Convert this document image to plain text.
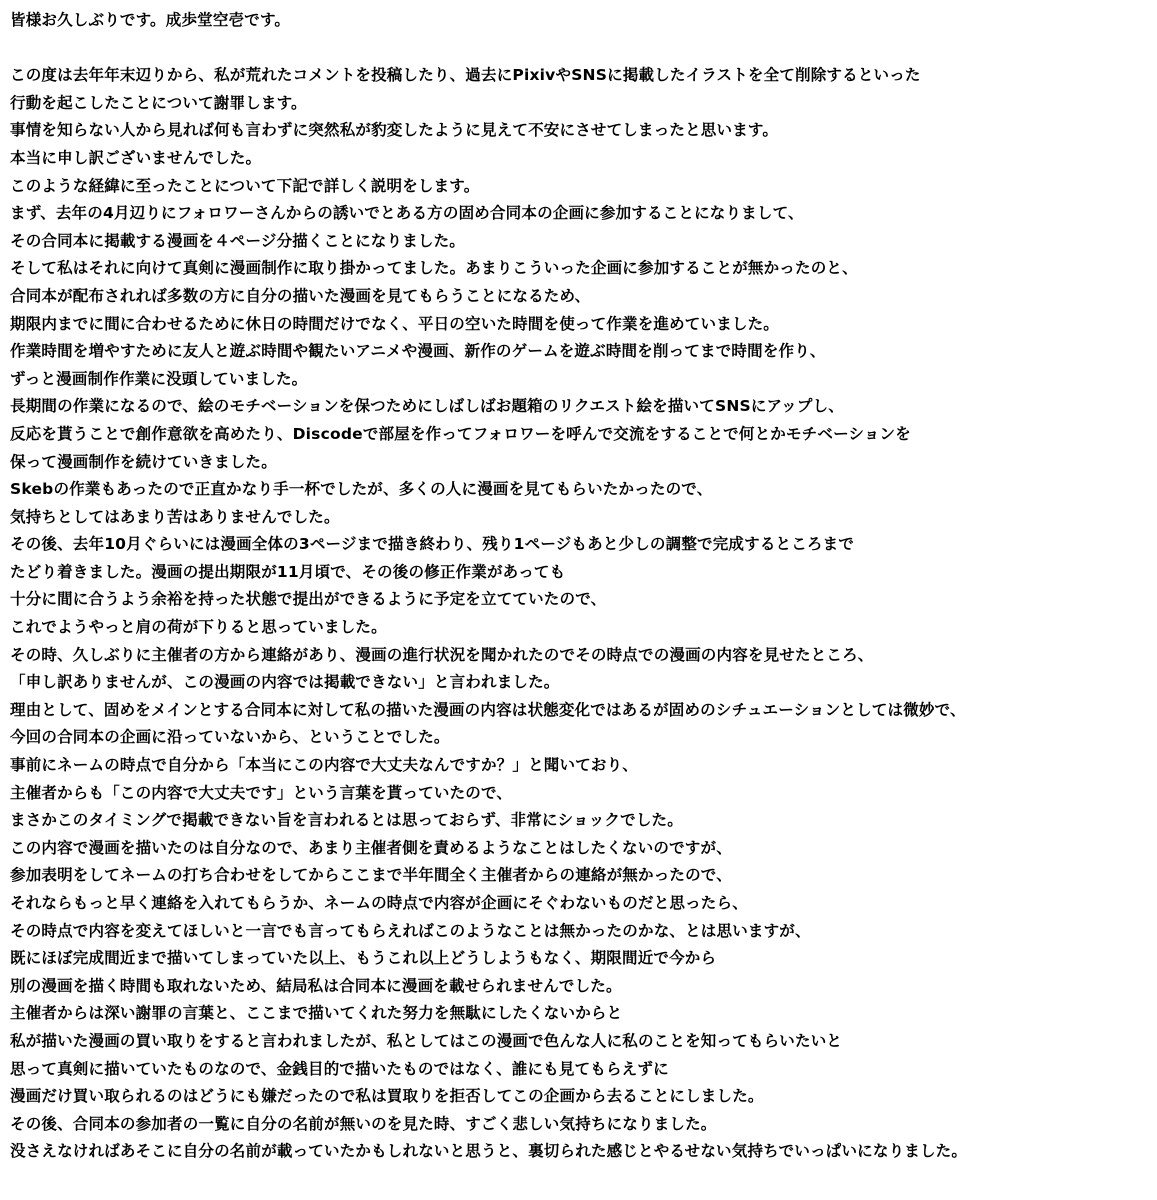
皆様お久しぶりです。成歩堂空壱です。
この度は去年年末辺りから、私が荒れたコメントを投稿したり、過去にPixivやSNSに掲載したイラストを全て削除するといった
行動を起こしたことについて謝罪します。
事情を知らない人から見れば何も言わずに突然私が豹変したように見えて不安にさせてしまったと思います。
本当に申し訳ございませんでした。
このような経緯に至ったことについて下記で詳しく説明をします。
まず、去年の4月辺りにフォロワーさんからの誘いでとある方の固め合同本の企画に参加することになりまして、
その合同本に掲載する漫画を４ページ分描くことになりました。
そして私はそれに向けて真剣に漫画制作に取り掛かってました。あまりこういった企画に参加することが無かったのと、
合同本が配布されれば多数の方に自分の描いた漫画を見てもらうことになるため、
期限内までに間に合わせるために休日の時間だけでなく、平日の空いた時間を使って作業を進めていました。
作業時間を増やすために友人と遊ぶ時間や観たいアニメや漫画、新作のゲームを遊ぶ時間を削ってまで時間を作り、
ずっと漫画制作作業に没頭していました。
長期間の作業になるので、絵のモチベーションを保つためにしばしばお題箱のリクエスト絵を描いてSNSにアップし、
反応を貰うことで創作意欲を高めたり、Discodeで部屋を作ってフォロワーを呼んで交流をすることで何とかモチベーションを
保って漫画制作を続けていきました。
Skebの作業もあったので正直かなり手一杯でしたが、多くの人に漫画を見てもらいたかったので、
気持ちとしてはあまり苦はありませんでした。
その後、去年10月ぐらいには漫画全体の3ページまで描き終わり、残り1ページもあと少しの調整で完成するところまで
たどり着きました。漫画の提出期限が11月頃で、その後の修正作業があっても
十分に間に合うよう余裕を持った状態で提出ができるように予定を立てていたので、
これでようやっと肩の荷が下りると思っていました。
その時、久しぶりに主催者の方から連絡があり、漫画の進行状況を聞かれたのでその時点での漫画の内容を見せたところ、
「申し訳ありませんが、この漫画の内容では掲載できない」と言われました。
理由として、固めをメインとする合同本に対して私の描いた漫画の内容は状態変化ではあるが固めのシチュエーションとしては微妙で、
今回の合同本の企画に沿っていないから、ということでした。
事前にネームの時点で自分から「本当にこの内容で大丈夫なんですか？」と聞いており、
主催者からも「この内容で大丈夫です」という言葉を貰っていたので、
まさかこのタイミングで掲載できない旨を言われるとは思っておらず、非常にショックでした。
この内容で漫画を描いたのは自分なので、あまり主催者側を責めるようなことはしたくないのですが、
参加表明をしてネームの打ち合わせをしてからここまで半年間全く主催者からの連絡が無かったので、
それならもっと早く連絡を入れてもらうか、ネームの時点で内容が企画にそぐわないものだと思ったら、
その時点で内容を変えてほしいと一言でも言ってもらえればこのようなことは無かったのかな、とは思いますが、
既にほぼ完成間近まで描いてしまっていた以上、もうこれ以上どうしようもなく、期限間近で今から
別の漫画を描く時間も取れないため、結局私は合同本に漫画を載せられませんでした。
主催者からは深い謝罪の言葉と、ここまで描いてくれた努力を無駄にしたくないからと
私が描いた漫画の買い取りをすると言われましたが、私としてはこの漫画で色んな人に私のことを知ってもらいたいと
思って真剣に描いていたものなので、金銭目的で描いたものではなく、誰にも見てもらえずに
漫画だけ買い取られるのはどうにも嫌だったので私は買取りを拒否してこの企画から去ることにしました。
その後、合同本の参加者の一覧に自分の名前が無いのを見た時、すごく悲しい気持ちになりました。
没さえなければあそこに自分の名前が載っていたかもしれないと思うと、裏切られた感じとやるせない気持ちでいっぱいになりました。
